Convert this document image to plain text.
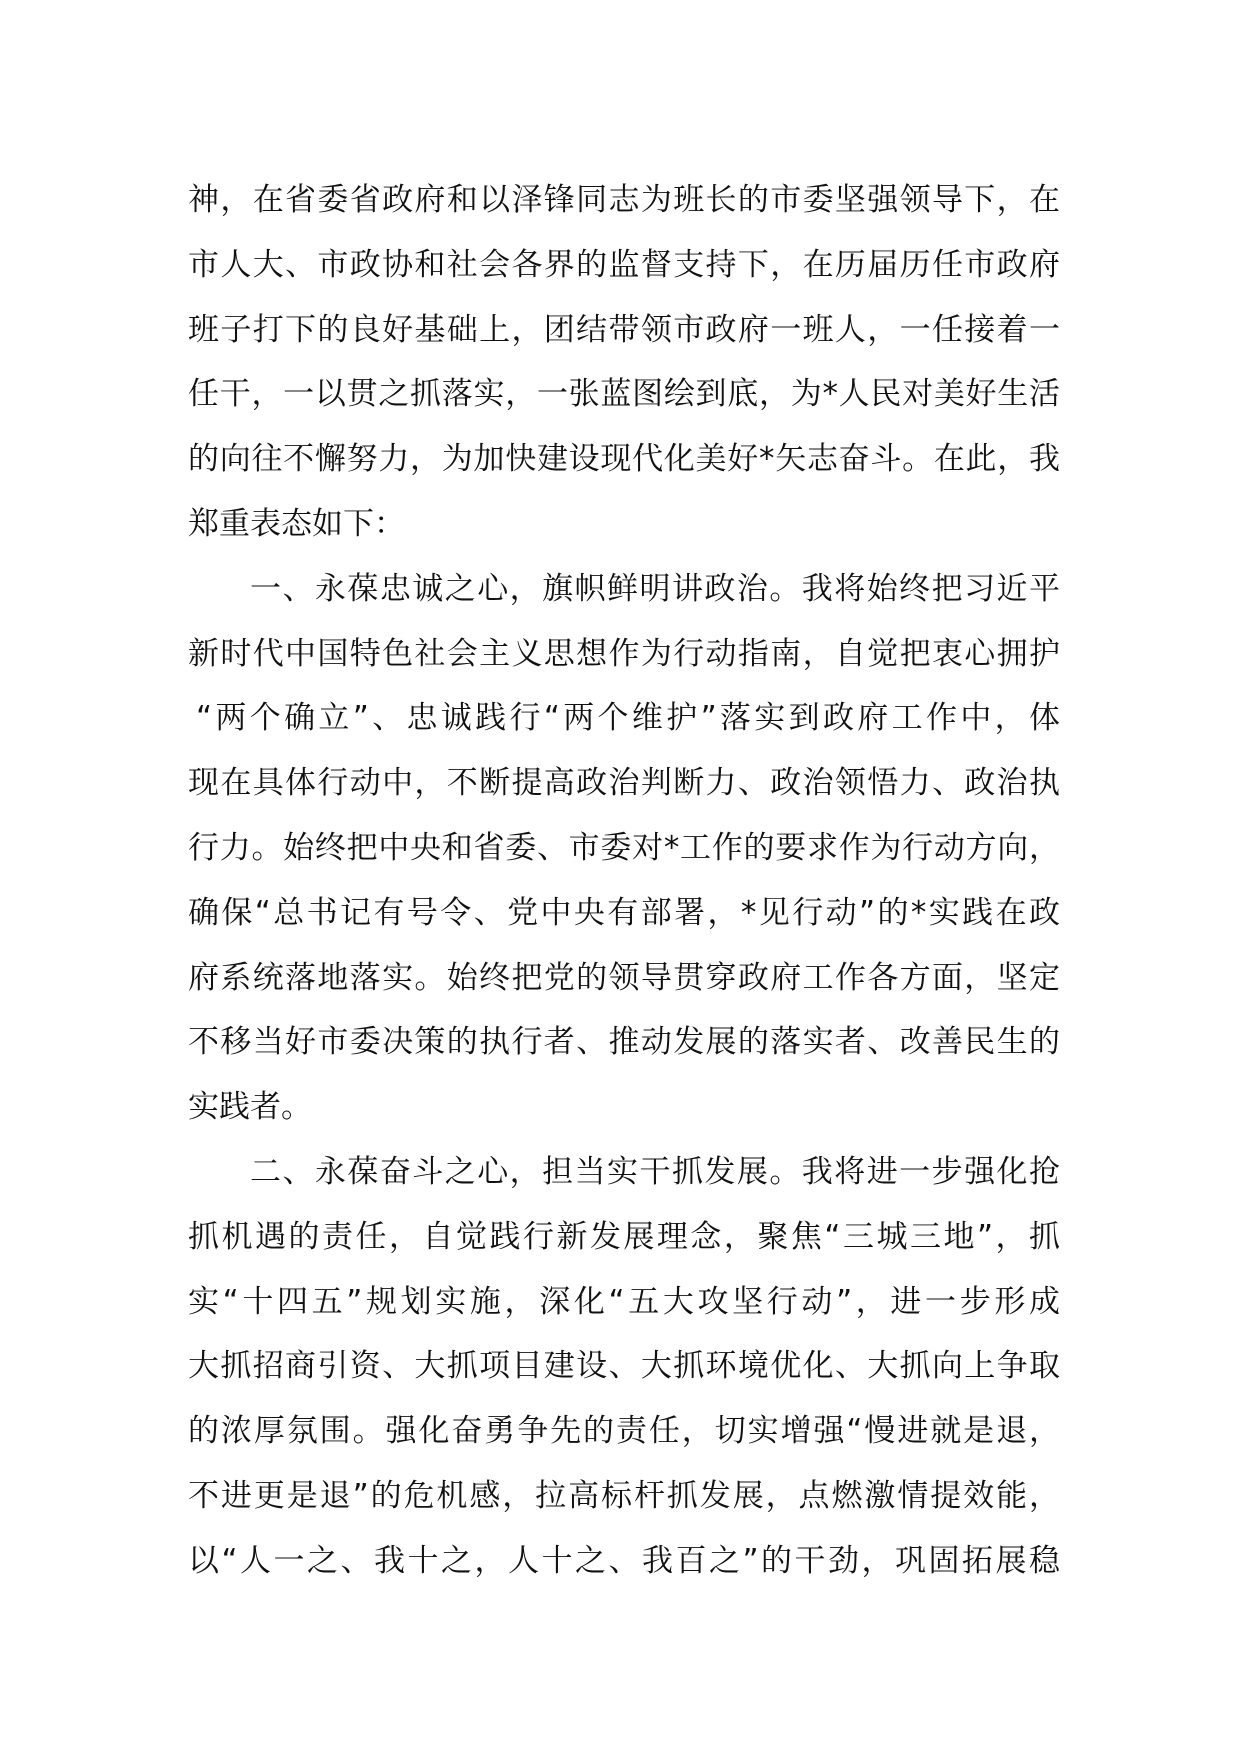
神，在省委省政府和以泽锋同志为班长的市委坚强领导下，在
市人大、市政协和社会各界的监督支持下，在历届历任市政府
班子打下的良好基础上，团结带领市政府一班人，一任接着一
任干，一以贯之抓落实，一张蓝图绘到底，为*人民对美好生活
的向往不懈努力，为加快建设现代化美好*矢志奋斗。在此，我
郑重表态如下：
一、永葆忠诚之心，旗帜鲜明讲政治。我将始终把习近平
新时代中国特色社会主义思想作为行动指南，自觉把衷心拥护
“两个确立”、忠诚践行“两个维护”落实到政府工作中，体
现在具体行动中，不断提高政治判断力、政治领悟力、政治执
行力。始终把中央和省委、市委对*工作的要求作为行动方向，
确保“总书记有号令、党中央有部署，*见行动”的*实践在政
府系统落地落实。始终把党的领导贯穿政府工作各方面，坚定
不移当好市委决策的执行者、推动发展的落实者、改善民生的
实践者。
二、永葆奋斗之心，担当实干抓发展。我将进一步强化抢
抓机遇的责任，自觉践行新发展理念，聚焦“三城三地”，抓
实“十四五”规划实施，深化“五大攻坚行动”，进一步形成
大抓招商引资、大抓项目建设、大抓环境优化、大抓向上争取
的浓厚氛围。强化奋勇争先的责任，切实增强“慢进就是退，
不进更是退”的危机感，拉高标杆抓发展，点燃激情提效能，
以“人一之、我十之，人十之、我百之”的干劲，巩固拓展稳
